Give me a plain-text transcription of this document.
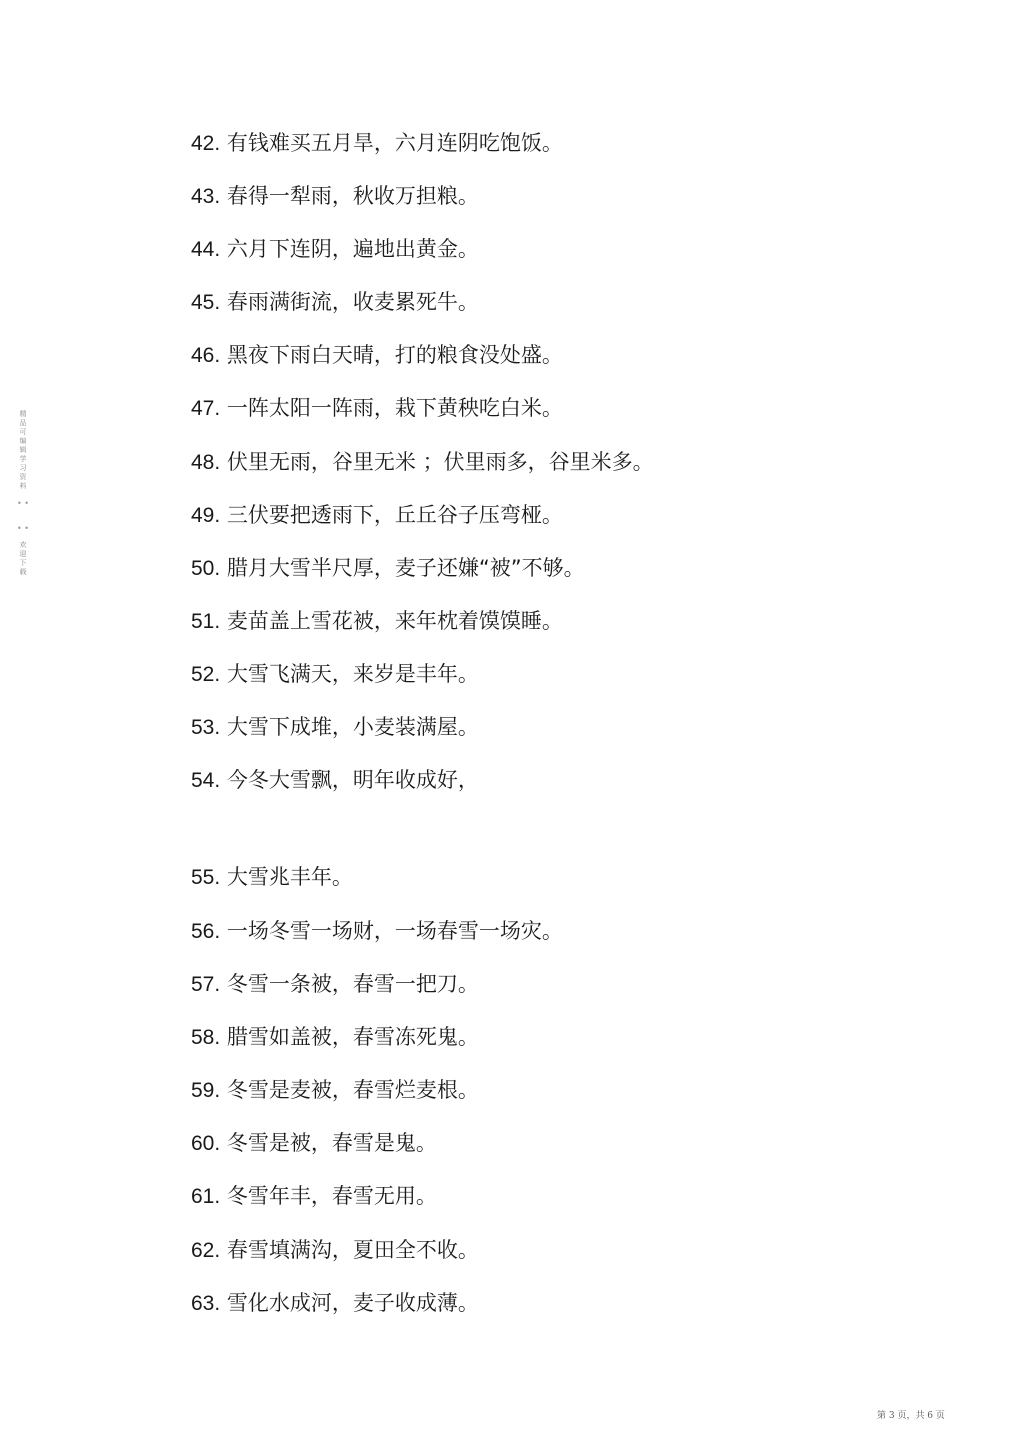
精品可编辑学习资料
• • • •
欢迎下载
42. 有钱难买五月旱，六月连阴吃饱饭。
43. 春得一犁雨，秋收万担粮。
44. 六月下连阴，遍地出黄金。
45. 春雨满街流，收麦累死牛。
46. 黑夜下雨白天晴，打的粮食没处盛。
47. 一阵太阳一阵雨，栽下黄秧吃白米。
48. 伏里无雨，谷里无米 ；伏里雨多，谷里米多。
49. 三伏要把透雨下，丘丘谷子压弯桠。
50. 腊月大雪半尺厚，麦子还嫌“被”不够。
51. 麦苗盖上雪花被，来年枕着馍馍睡。
52. 大雪飞满天，来岁是丰年。
53. 大雪下成堆，小麦装满屋。
54. 今冬大雪飘，明年收成好，
55. 大雪兆丰年。
56. 一场冬雪一场财，一场春雪一场灾。
57. 冬雪一条被，春雪一把刀。
58. 腊雪如盖被，春雪冻死鬼。
59. 冬雪是麦被，春雪烂麦根。
60. 冬雪是被，春雪是鬼。
61. 冬雪年丰，春雪无用。
62. 春雪填满沟，夏田全不收。
63. 雪化水成河，麦子收成薄。
第 3 页，共 6 页
